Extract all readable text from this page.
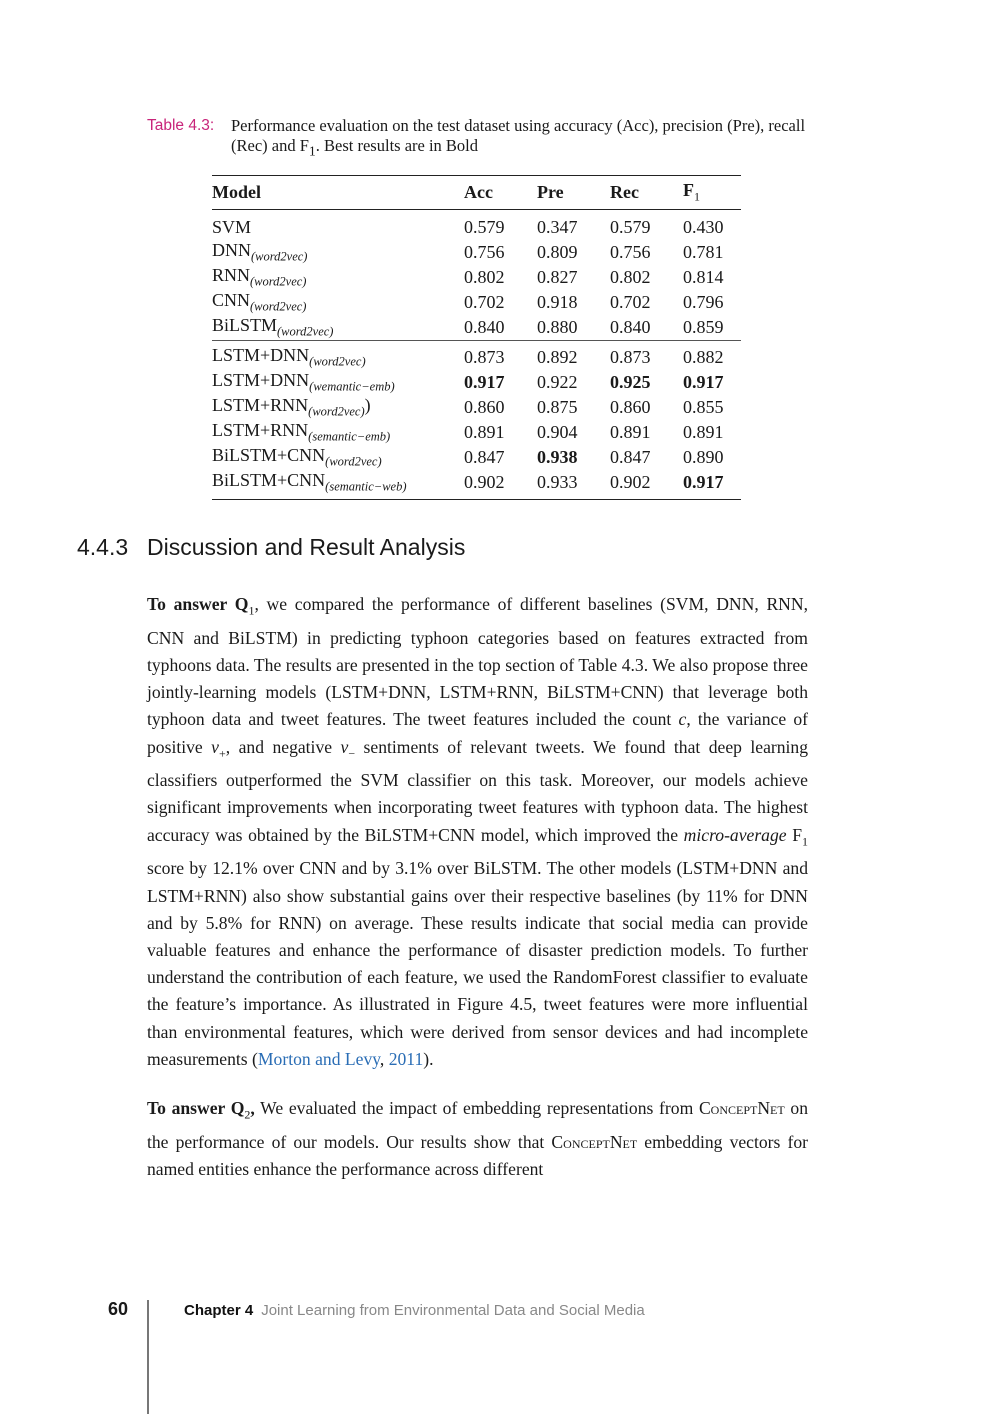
Table 4.3: Performance evaluation on the test dataset using accuracy (Acc), precision (Pre), recall (Rec) and $F_1$. Best results are in Bold
Model	Acc	Pre	Rec	$F_1$
SVM	0.579	0.347	0.579	0.430
$DNN_{(word2vec)}$	0.756	0.809	0.756	0.781
$RNN_{(word2vec)}$	0.802	0.827	0.802	0.814
$CNN_{(word2vec)}$	0.702	0.918	0.702	0.796
BiLSTM$_{(word2vec)}$	0.840	0.880	0.840	0.859
$LSTM+DNN_{(word2vec)}$	0.873	0.892	0.873	0.882
$LSTM+DNN_{(wemantic-emb)}$	0.917	0.922	0.925	0.917
$LSTM+RNN_{(word2vec)}$)	0.860	0.875	0.860	0.855
$LSTM+RNN_{(semantic-emb)}$	0.891	0.904	0.891	0.891
$BiLSTM+CNN_{(word2vec)}$	0.847	0.938	0.847	0.890
$BiLSTM+CNN_{(semantic-web)}$	0.902	0.933	0.902	0.917
4.4.3 Discussion and Result Analysis

To answer $Q_1$, we compared the performance of different baselines (SVM, DNN, RNN, CNN and BiLSTM) in predicting typhoon categories based on features extracted from typhoons data. The results are presented in the top section of Table 4.3. We also propose three jointly-learning models (LSTM+DNN, LSTM+RNN, BiLSTM+CNN) that leverage both typhoon data and tweet features. The tweet features included the count c, the variance of positive $v_+$, and negative $v_-$ sentiments of relevant tweets. We found that deep learning classifiers outperformed the SVM classifier on this task. Moreover, our models achieve significant improvements when incorporating tweet features with typhoon data. The highest accuracy was obtained by the BiLSTM+CNN model, which improved the micro-average $F_1$ score by 12.1% over CNN and by 3.1% over BiLSTM. The other models (LSTM+DNN and LSTM+RNN) also show substantial gains over their respective baselines (by 11% for DNN and by 5.8% for RNN) on average. These results indicate that social media can provide valuable features and enhance the performance of disaster prediction models. To further understand the contribution of each feature, we used the RandomForest classifier to evaluate the feature’s importance. As illustrated in Figure 4.5, tweet features were more influential than environmental features, which were derived from sensor devices and had incomplete measurements (Morton and Levy, 2011).

To answer $Q_2$, We evaluated the impact of embedding representations from ConceptNet on the performance of our models. Our results show that ConceptNet embedding vectors for named entities enhance the performance across different

60	Chapter 4 Joint Learning from Environmental Data and Social Media
